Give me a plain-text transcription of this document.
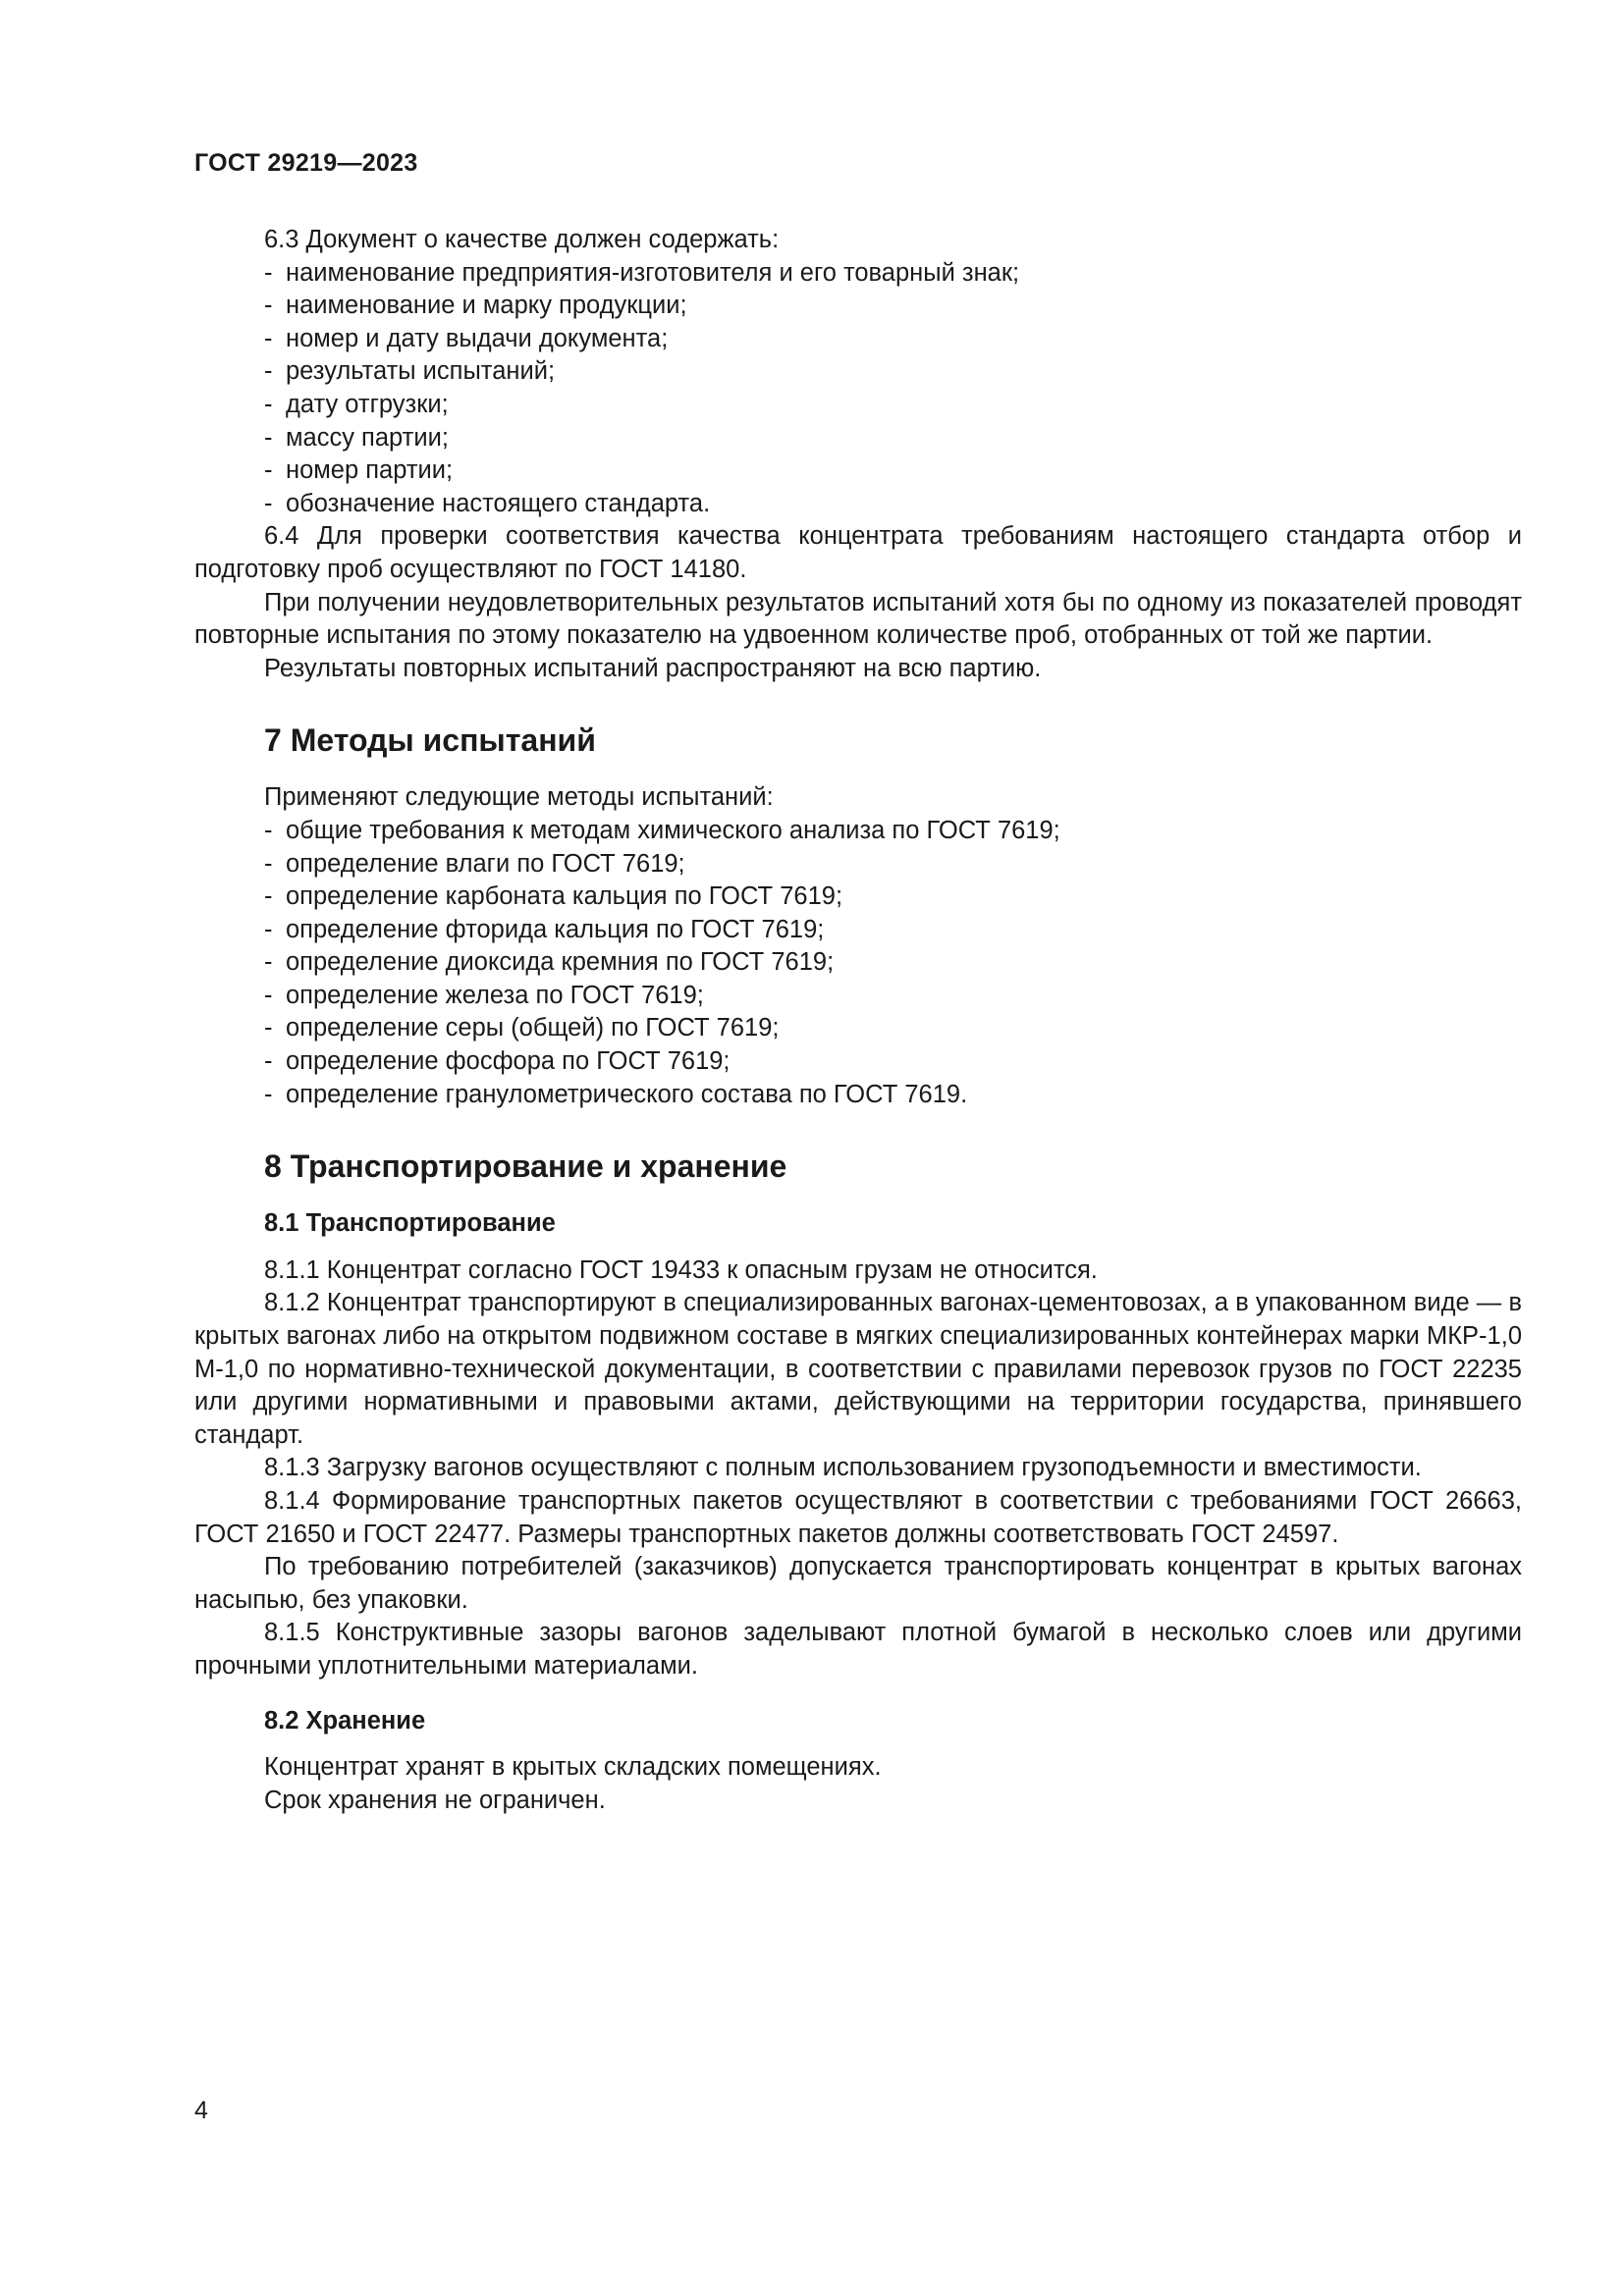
ГОСТ 29219—2023

6.3 Документ о качестве должен содержать:

- наименование предприятия-изготовителя и его товарный знак;

- наименование и марку продукции;

- номер и дату выдачи документа;

- результаты испытаний;

- дату отгрузки;

- массу партии;

- номер партии;

- обозначение настоящего стандарта.

6.4 Для проверки соответствия качества концентрата требованиям настоящего стандарта отбор и подготовку проб осуществляют по ГОСТ 14180.

При получении неудовлетворительных результатов испытаний хотя бы по одному из показателей проводят повторные испытания по этому показателю на удвоенном количестве проб, отобранных от той же партии.

Результаты повторных испытаний распространяют на всю партию.

7 Методы испытаний

Применяют следующие методы испытаний:

- общие требования к методам химического анализа по ГОСТ 7619;

- определение влаги по ГОСТ 7619;

- определение карбоната кальция по ГОСТ 7619;

- определение фторида кальция по ГОСТ 7619;

- определение диоксида кремния по ГОСТ 7619;

- определение железа по ГОСТ 7619;

- определение серы (общей) по ГОСТ 7619;

- определение фосфора по ГОСТ 7619;

- определение гранулометрического состава по ГОСТ 7619.

8 Транспортирование и хранение

8.1 Транспортирование

8.1.1 Концентрат согласно ГОСТ 19433 к опасным грузам не относится.

8.1.2 Концентрат транспортируют в специализированных вагонах-цементовозах, а в упакованном виде — в крытых вагонах либо на открытом подвижном составе в мягких специализированных контейнерах марки МКР-1,0 М-1,0 по нормативно-технической документации, в соответствии с правилами перевозок грузов по ГОСТ 22235 или другими нормативными и правовыми актами, действующими на территории государства, принявшего стандарт.

8.1.3 Загрузку вагонов осуществляют с полным использованием грузоподъемности и вместимости.

8.1.4 Формирование транспортных пакетов осуществляют в соответствии с требованиями ГОСТ 26663, ГОСТ 21650 и ГОСТ 22477. Размеры транспортных пакетов должны соответствовать ГОСТ 24597.

По требованию потребителей (заказчиков) допускается транспортировать концентрат в крытых вагонах насыпью, без упаковки.

8.1.5 Конструктивные зазоры вагонов заделывают плотной бумагой в несколько слоев или другими прочными уплотнительными материалами.

8.2 Хранение

Концентрат хранят в крытых складских помещениях.

Срок хранения не ограничен.

4
